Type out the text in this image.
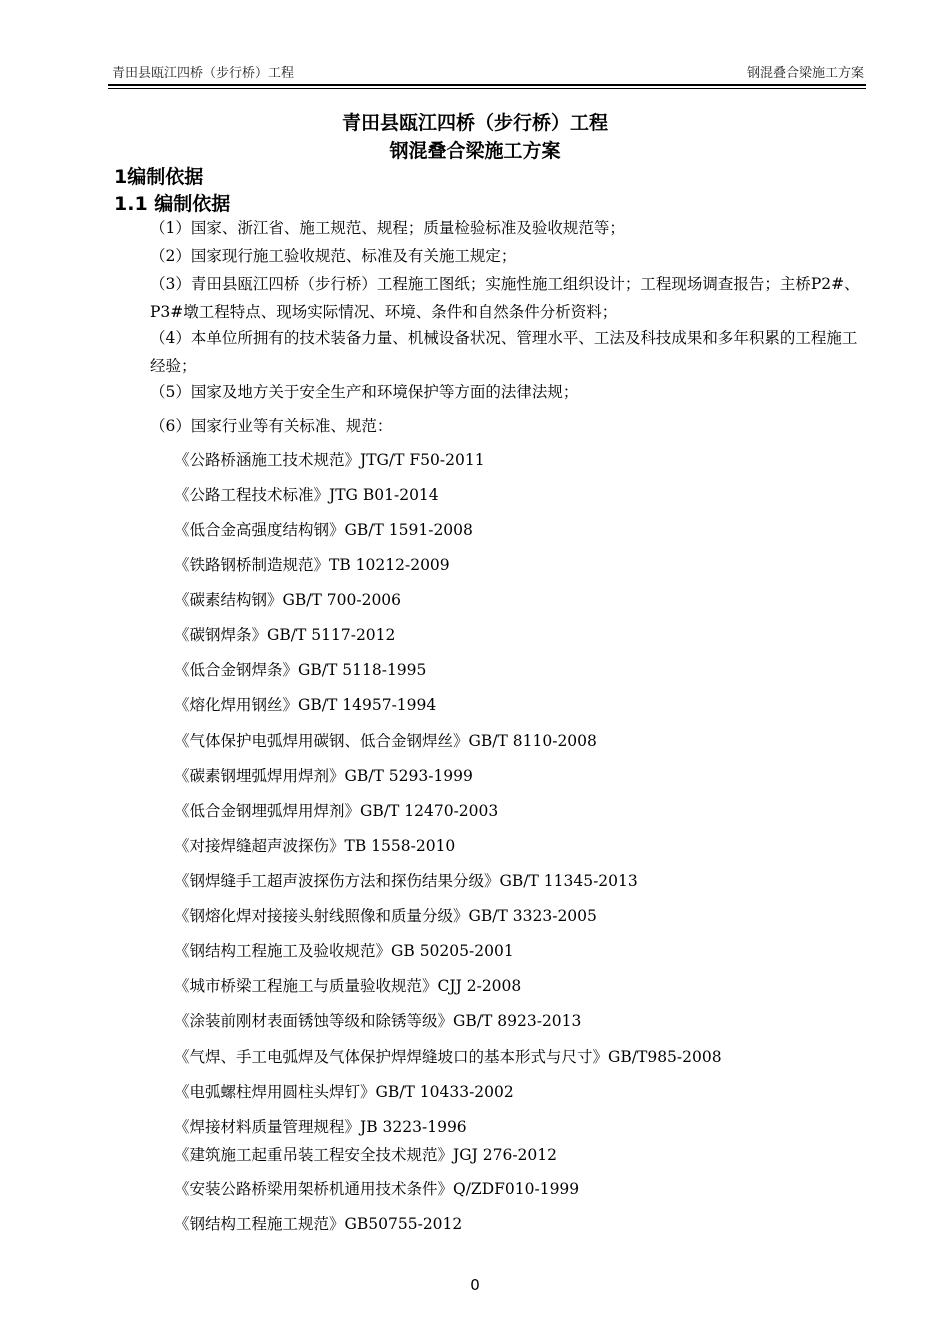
青田县瓯江四桥（步行桥）工程	钢混叠合梁施工方案
青田县瓯江四桥（步行桥）工程
钢混叠合梁施工方案
1编制依据
1.1 编制依据
（1）国家、浙江省、施工规范、规程；质量检验标准及验收规范等；
（2）国家现行施工验收规范、标准及有关施工规定；
（3）青田县瓯江四桥（步行桥）工程施工图纸；实施性施工组织设计；工程现场调查报告；主桥P2#、P3#墩工程特点、现场实际情况、环境、条件和自然条件分析资料；
（4）本单位所拥有的技术装备力量、机械设备状况、管理水平、工法及科技成果和多年积累的工程施工经验；
（5）国家及地方关于安全生产和环境保护等方面的法律法规；
（6）国家行业等有关标准、规范：
《公路桥涵施工技术规范》JTG/T F50-2011
《公路工程技术标准》JTG B01-2014
《低合金高强度结构钢》GB/T 1591-2008
《铁路钢桥制造规范》TB 10212-2009
《碳素结构钢》GB/T 700-2006
《碳钢焊条》GB/T 5117-2012
《低合金钢焊条》GB/T 5118-1995
《熔化焊用钢丝》GB/T 14957-1994
《气体保护电弧焊用碳钢、低合金钢焊丝》GB/T 8110-2008
《碳素钢埋弧焊用焊剂》GB/T 5293-1999
《低合金钢埋弧焊用焊剂》GB/T 12470-2003
《对接焊缝超声波探伤》TB 1558-2010
《钢焊缝手工超声波探伤方法和探伤结果分级》GB/T 11345-2013
《钢熔化焊对接接头射线照像和质量分级》GB/T 3323-2005
《钢结构工程施工及验收规范》GB 50205-2001
《城市桥梁工程施工与质量验收规范》CJJ 2-2008
《涂装前刚材表面锈蚀等级和除锈等级》GB/T 8923-2013
《气焊、手工电弧焊及气体保护焊焊缝坡口的基本形式与尺寸》GB/T985-2008
《电弧螺柱焊用圆柱头焊钉》GB/T 10433-2002
《焊接材料质量管理规程》JB 3223-1996
《建筑施工起重吊装工程安全技术规范》JGJ 276-2012
《安装公路桥梁用架桥机通用技术条件》Q/ZDF010-1999
《钢结构工程施工规范》GB50755-2012
0
